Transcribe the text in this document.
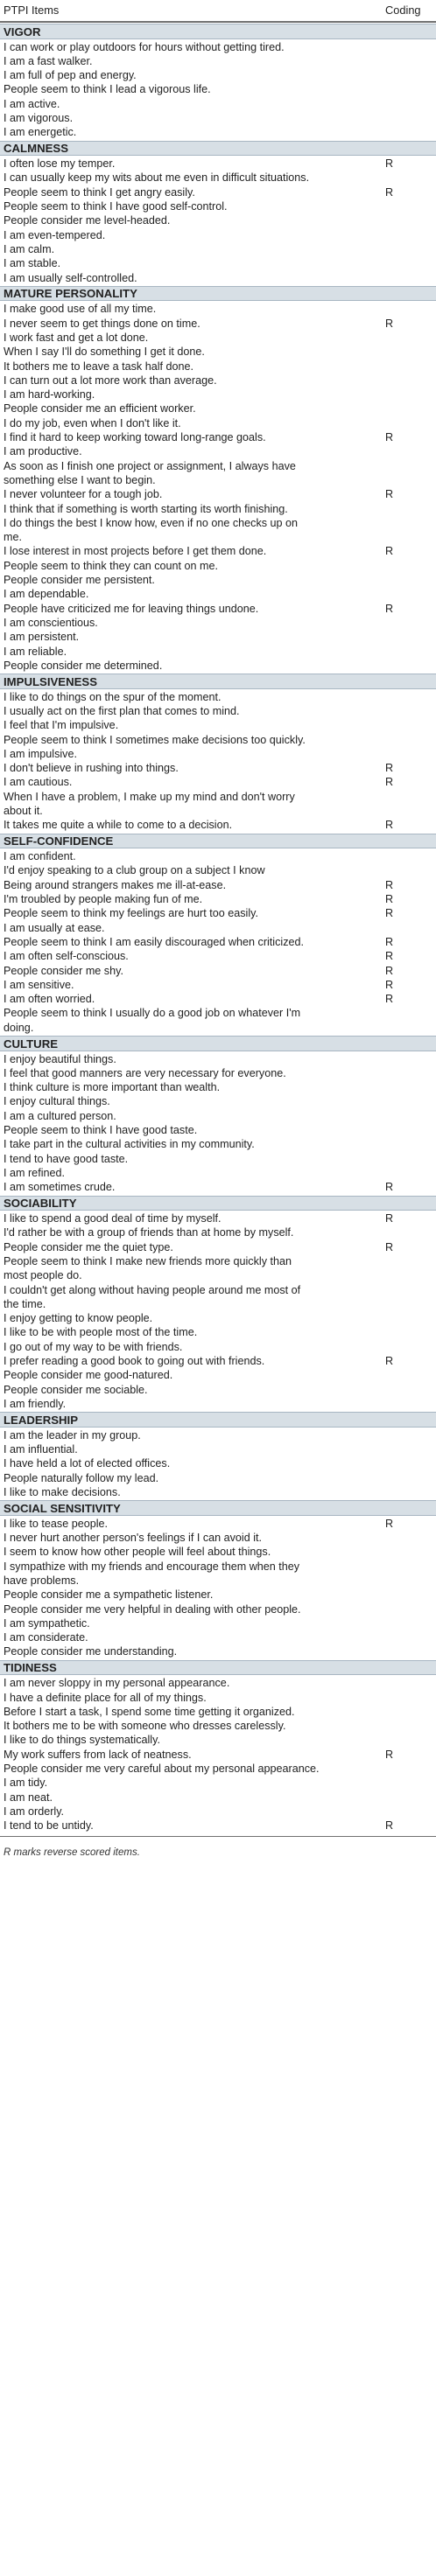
PTPI Items	Coding
VIGOR
I can work or play outdoors for hours without getting tired.
I am a fast walker.
I am full of pep and energy.
People seem to think I lead a vigorous life.
I am active.
I am vigorous.
I am energetic.
CALMNESS
I often lose my temper.	R
I can usually keep my wits about me even in difficult situations.
People seem to think I get angry easily.	R
People seem to think I have good self-control.
People consider me level-headed.
I am even-tempered.
I am calm.
I am stable.
I am usually self-controlled.
MATURE PERSONALITY
I make good use of all my time.
I never seem to get things done on time.	R
I work fast and get a lot done.
When I say I'll do something I get it done.
It bothers me to leave a task half done.
I can turn out a lot more work than average.
I am hard-working.
People consider me an efficient worker.
I do my job, even when I don't like it.
I find it hard to keep working toward long-range goals.	R
I am productive.
As soon as I finish one project or assignment, I always have
something else I want to begin.
I never volunteer for a tough job.	R
I think that if something is worth starting its worth finishing.
I do things the best I know how, even if no one checks up on
me.
I lose interest in most projects before I get them done.	R
People seem to think they can count on me.
People consider me persistent.
I am dependable.
People have criticized me for leaving things undone.	R
I am conscientious.
I am persistent.
I am reliable.
People consider me determined.
IMPULSIVENESS
I like to do things on the spur of the moment.
I usually act on the first plan that comes to mind.
I feel that I'm impulsive.
People seem to think I sometimes make decisions too quickly.
I am impulsive.
I don't believe in rushing into things.	R
I am cautious.	R
When I have a problem, I make up my mind and don't worry
about it.
It takes me quite a while to come to a decision.	R
SELF-CONFIDENCE
I am confident.
I'd enjoy speaking to a club group on a subject I know
Being around strangers makes me ill-at-ease.	R
I'm troubled by people making fun of me.	R
People seem to think my feelings are hurt too easily.	R
I am usually at ease.
People seem to think I am easily discouraged when criticized.	R
I am often self-conscious.	R
People consider me shy.	R
I am sensitive.	R
I am often worried.	R
People seem to think I usually do a good job on whatever I'm
doing.
CULTURE
I enjoy beautiful things.
I feel that good manners are very necessary for everyone.
I think culture is more important than wealth.
I enjoy cultural things.
I am a cultured person.
People seem to think I have good taste.
I take part in the cultural activities in my community.
I tend to have good taste.
I am refined.
I am sometimes crude.	R
SOCIABILITY
I like to spend a good deal of time by myself.	R
I'd rather be with a group of friends than at home by myself.
People consider me the quiet type.	R
People seem to think I make new friends more quickly than
most people do.
I couldn't get along without having people around me most of
the time.
I enjoy getting to know people.
I like to be with people most of the time.
I go out of my way to be with friends.
I prefer reading a good book to going out with friends.	R
People consider me good-natured.
People consider me sociable.
I am friendly.
LEADERSHIP
I am the leader in my group.
I am influential.
I have held a lot of elected offices.
People naturally follow my lead.
I like to make decisions.
SOCIAL SENSITIVITY
I like to tease people.	R
I never hurt another person's feelings if I can avoid it.
I seem to know how other people will feel about things.
I sympathize with my friends and encourage them when they
have problems.
People consider me a sympathetic listener.
People consider me very helpful in dealing with other people.
I am sympathetic.
I am considerate.
People consider me understanding.
TIDINESS
I am never sloppy in my personal appearance.
I have a definite place for all of my things.
Before I start a task, I spend some time getting it organized.
It bothers me to be with someone who dresses carelessly.
I like to do things systematically.
My work suffers from lack of neatness.	R
People consider me very careful about my personal appearance.
I am tidy.
I am neat.
I am orderly.
I tend to be untidy.	R
R marks reverse scored items.
